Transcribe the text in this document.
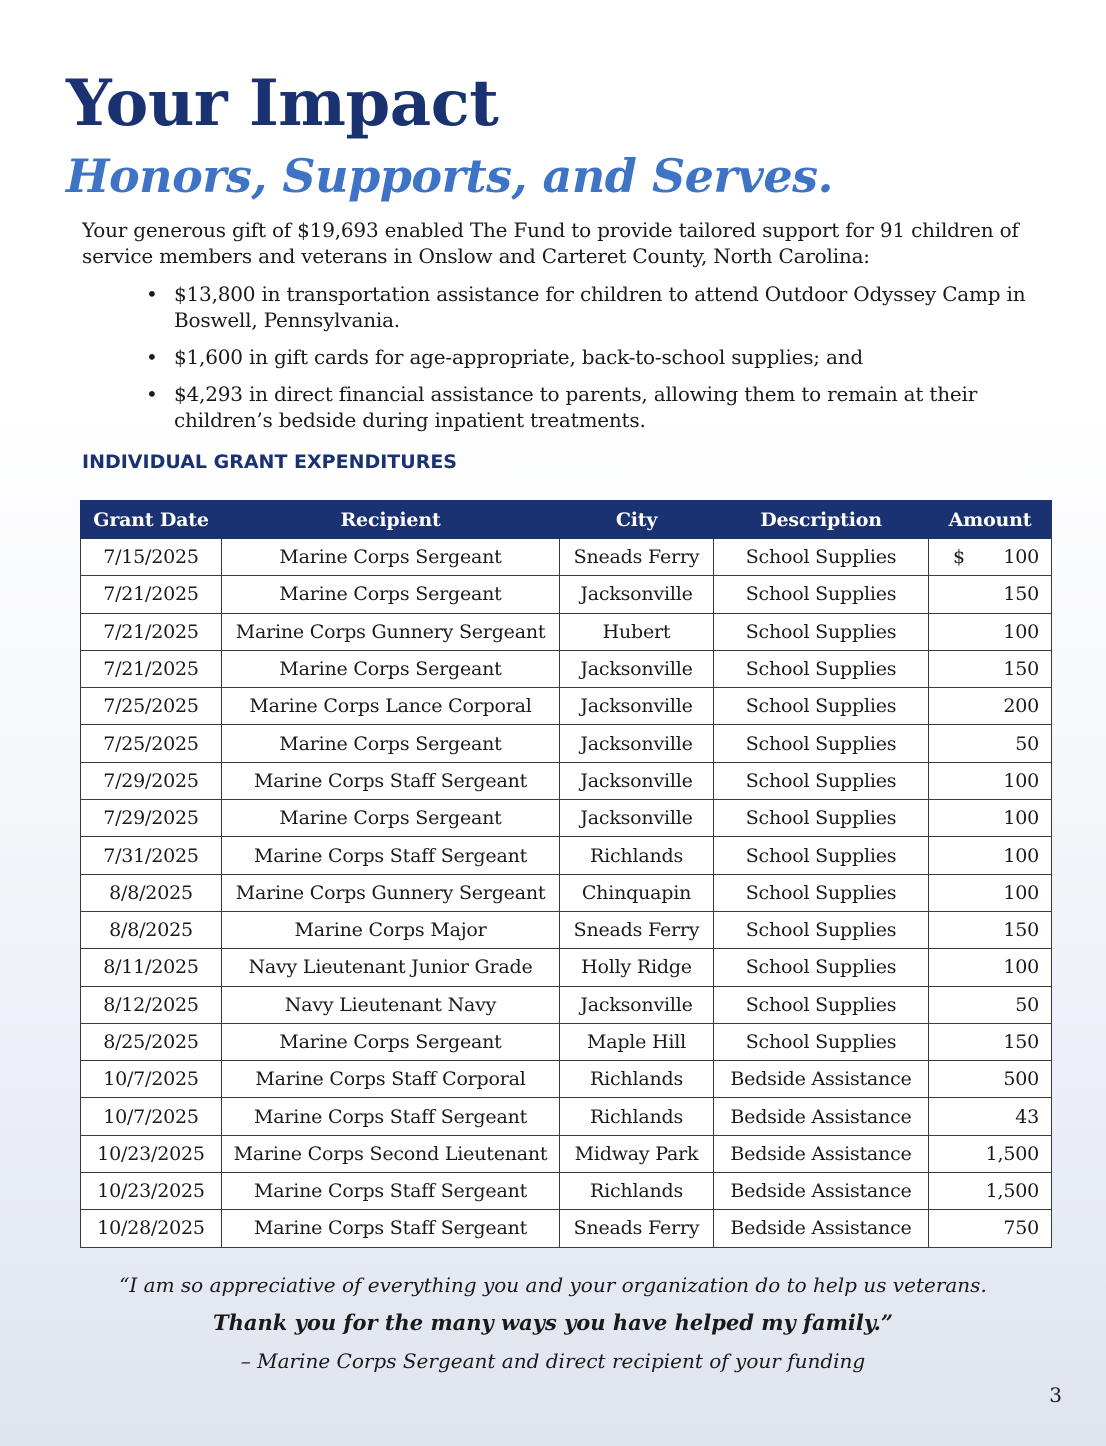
Your Impact
Honors, Supports, and Serves.

Your generous gift of $19,693 enabled The Fund to provide tailored support for 91 children of service members and veterans in Onslow and Carteret County, North Carolina:

• $13,800 in transportation assistance for children to attend Outdoor Odyssey Camp in Boswell, Pennsylvania.
• $1,600 in gift cards for age-appropriate, back-to-school supplies; and
• $4,293 in direct financial assistance to parents, allowing them to remain at their children’s bedside during inpatient treatments.
INDIVIDUAL GRANT EXPENDITURES
Grant Date	Recipient	City	Description	Amount
7/15/2025	Marine Corps Sergeant	Sneads Ferry	School Supplies	$ 100
7/21/2025	Marine Corps Sergeant	Jacksonville	School Supplies	150
7/21/2025	Marine Corps Gunnery Sergeant	Hubert	School Supplies	100
7/21/2025	Marine Corps Sergeant	Jacksonville	School Supplies	150
7/25/2025	Marine Corps Lance Corporal	Jacksonville	School Supplies	200
7/25/2025	Marine Corps Sergeant	Jacksonville	School Supplies	50
7/29/2025	Marine Corps Staff Sergeant	Jacksonville	School Supplies	100
7/29/2025	Marine Corps Sergeant	Jacksonville	School Supplies	100
7/31/2025	Marine Corps Staff Sergeant	Richlands	School Supplies	100
8/8/2025	Marine Corps Gunnery Sergeant	Chinquapin	School Supplies	100
8/8/2025	Marine Corps Major	Sneads Ferry	School Supplies	150
8/11/2025	Navy Lieutenant Junior Grade	Holly Ridge	School Supplies	100
8/12/2025	Navy Lieutenant Navy	Jacksonville	School Supplies	50
8/25/2025	Marine Corps Sergeant	Maple Hill	School Supplies	150
10/7/2025	Marine Corps Staff Corporal	Richlands	Bedside Assistance	500
10/7/2025	Marine Corps Staff Sergeant	Richlands	Bedside Assistance	43
10/23/2025	Marine Corps Second Lieutenant	Midway Park	Bedside Assistance	1,500
10/23/2025	Marine Corps Staff Sergeant	Richlands	Bedside Assistance	1,500
10/28/2025	Marine Corps Staff Sergeant	Sneads Ferry	Bedside Assistance	750

“I am so appreciative of everything you and your organization do to help us veterans.

Thank you for the many ways you have helped my family.”

– Marine Corps Sergeant and direct recipient of your funding

3
